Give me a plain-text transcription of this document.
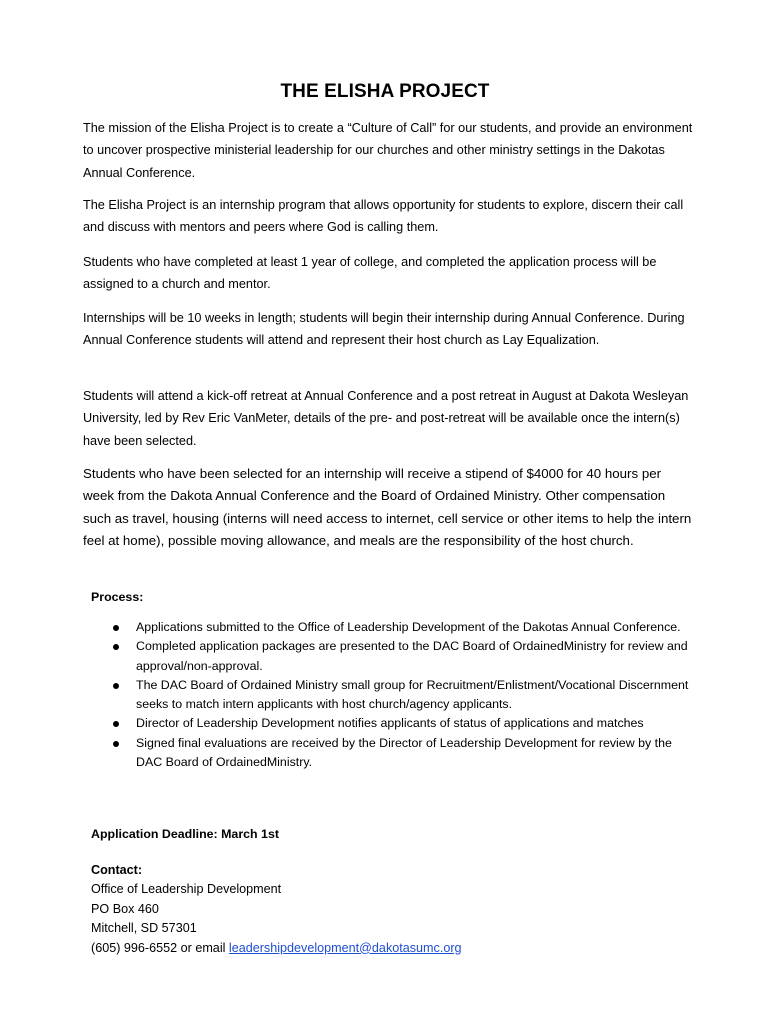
THE ELISHA PROJECT

The mission of the Elisha Project is to create a “Culture of Call” for our students, and provide an environment to uncover prospective ministerial leadership for our churches and other ministry settings in the Dakotas Annual Conference.

The Elisha Project is an internship program that allows opportunity for students to explore, discern their call and discuss with mentors and peers where God is calling them.

Students who have completed at least 1 year of college, and completed the application process will be assigned to a church and mentor.

Internships will be 10 weeks in length; students will begin their internship during Annual Conference. During Annual Conference students will attend and represent their host church as Lay Equalization.

Students will attend a kick-off retreat at Annual Conference and a post retreat in August at Dakota Wesleyan University, led by Rev Eric VanMeter, details of the pre- and post-retreat will be available once the intern(s) have been selected.

Students who have been selected for an internship will receive a stipend of $4000 for 40 hours per week from the Dakota Annual Conference and the Board of Ordained Ministry. Other compensation such as travel, housing (interns will need access to internet, cell service or other items to help the intern feel at home), possible moving allowance, and meals are the responsibility of the host church.

Process:
Applications submitted to the Office of Leadership Development of the Dakotas Annual Conference.
Completed application packages are presented to the DAC Board of OrdainedMinistry for review and approval/non-approval.
The DAC Board of Ordained Ministry small group for Recruitment/Enlistment/Vocational Discernment seeks to match intern applicants with host church/agency applicants.
Director of Leadership Development notifies applicants of status of applications and matches
Signed final evaluations are received by the Director of Leadership Development for review by the DAC Board of OrdainedMinistry.
Application Deadline: March 1st
Contact:
Office of Leadership Development
PO Box 460
Mitchell, SD 57301
(605) 996-6552 or email leadershipdevelopment@dakotasumc.org
